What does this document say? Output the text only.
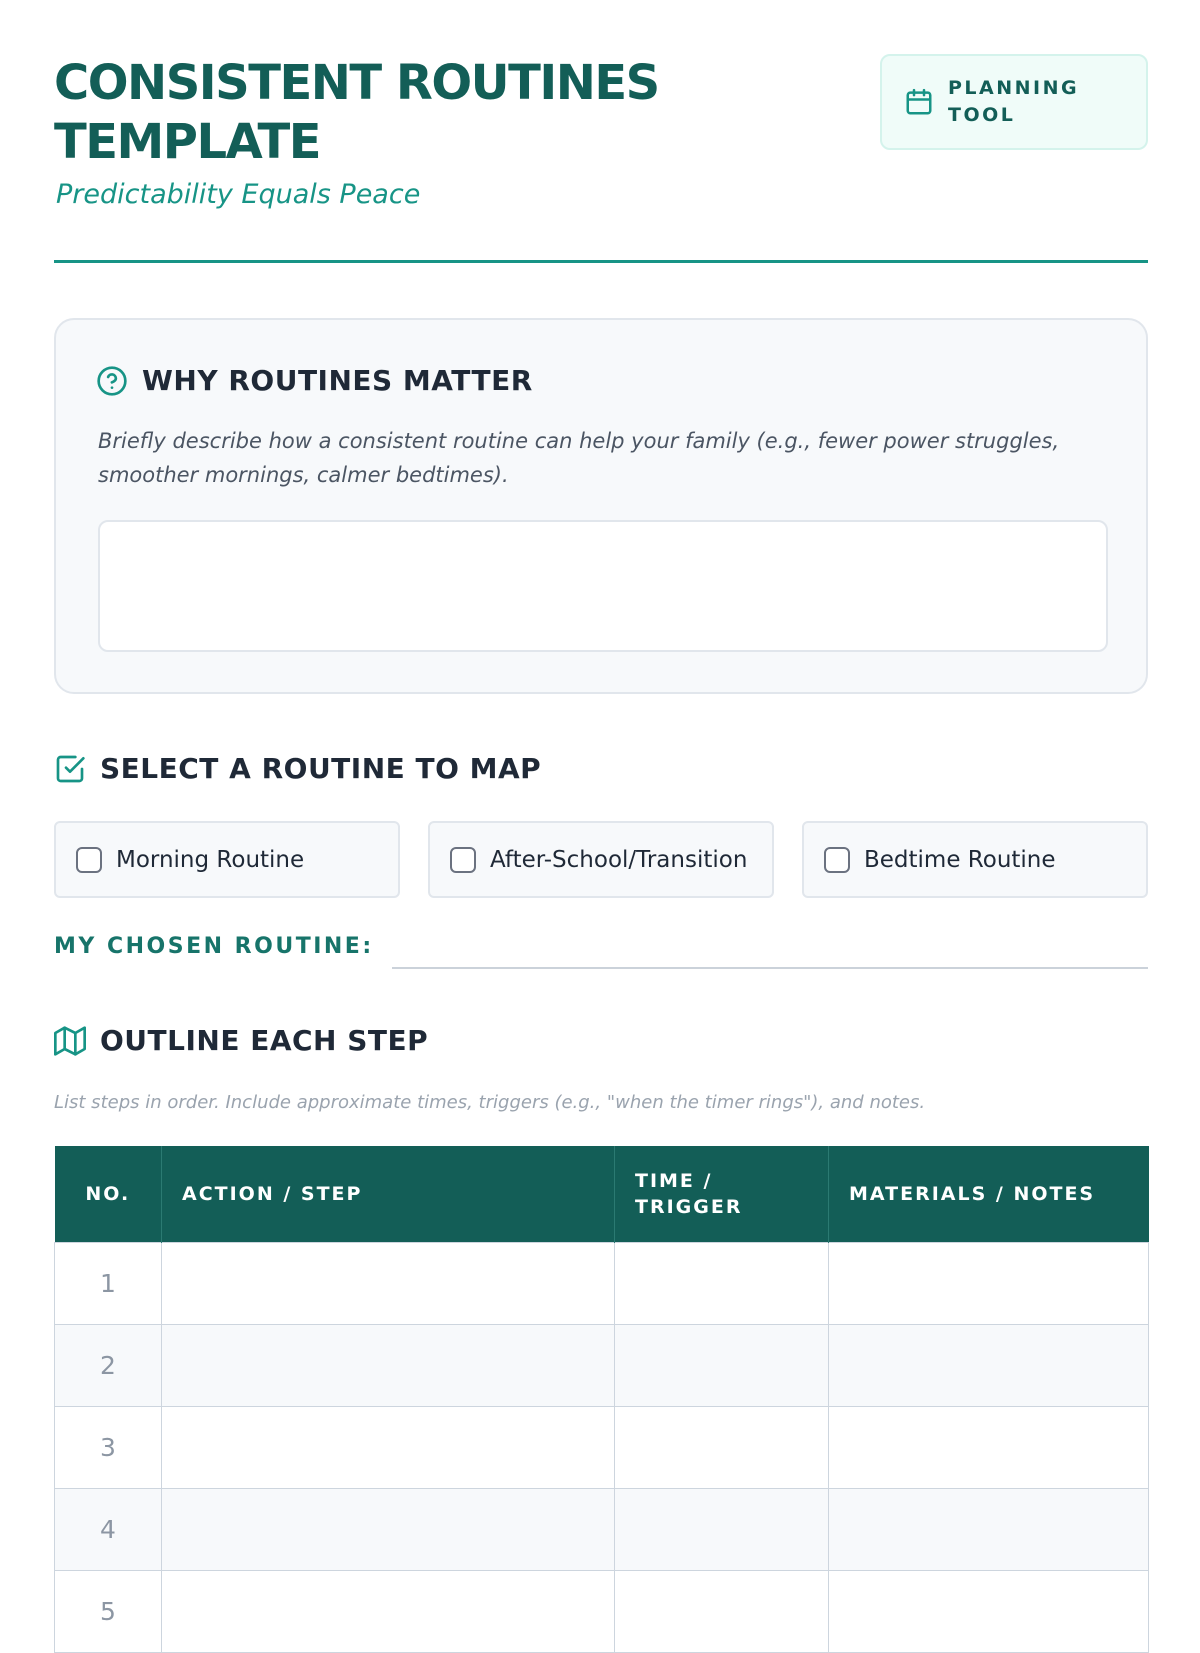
CONSISTENT ROUTINES TEMPLATE

Predictability Equals Peace

PLANNING TOOL
WHY ROUTINES MATTER

Briefly describe how a consistent routine can help your family (e.g., fewer power struggles, smoother mornings, calmer bedtimes).

SELECT A ROUTINE TO MAP
Morning Routine	After-School/Transition	Bedtime Routine
MY CHOSEN ROUTINE:
OUTLINE EACH STEP

List steps in order. Include approximate times, triggers (e.g., "when the timer rings"), and notes.

NO.	ACTION / STEP	TIME / TRIGGER	MATERIALS / NOTES
1			
2			
3			
4			
5			
